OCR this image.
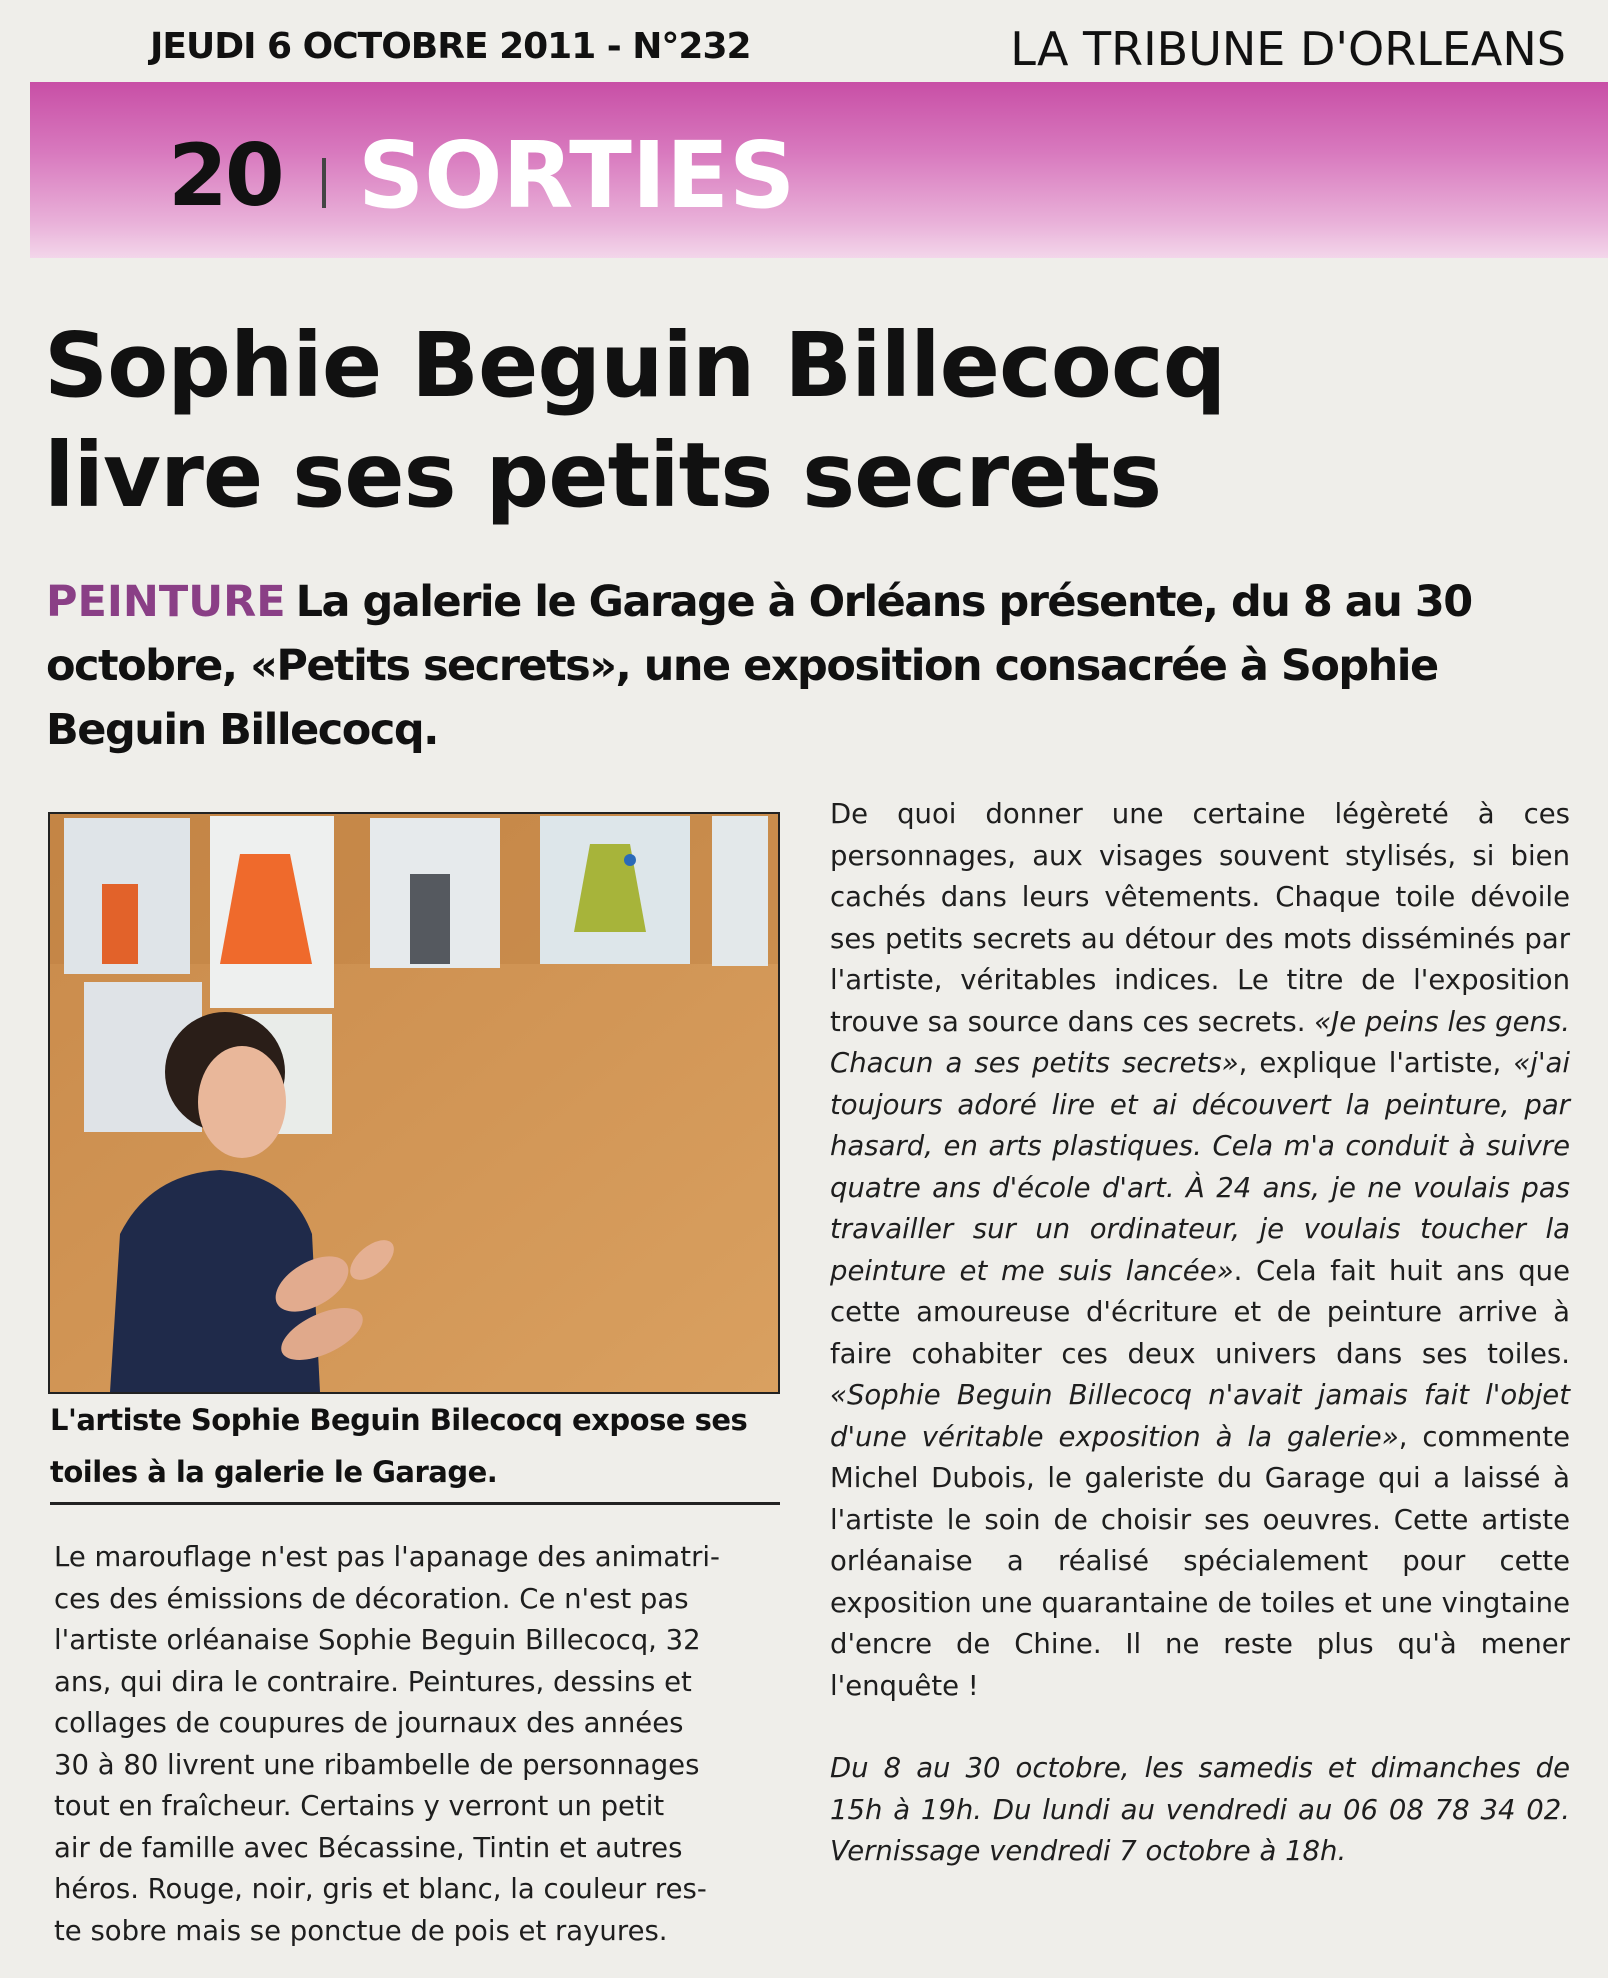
JEUDI 6 OCTOBRE 2011 - N°232	LA TRIBUNE D'ORLEANS
20 SORTIES
Sophie Beguin Billecocq
livre ses petits secrets

PEINTURE La galerie le Garage à Orléans présente, du 8 au 30 octobre, «Petits secrets», une exposition consacrée à Sophie Beguin Billecocq.

L'artiste Sophie Beguin Bilecocq expose ses toiles à la galerie le Garage.

Le marouflage n'est pas l'apanage des animatri-
ces des émissions de décoration. Ce n'est pas
l'artiste orléanaise Sophie Beguin Billecocq, 32
ans, qui dira le contraire. Peintures, dessins et
collages de coupures de journaux des années
30 à 80 livrent une ribambelle de personnages
tout en fraîcheur. Certains y verront un petit
air de famille avec Bécassine, Tintin et autres
héros. Rouge, noir, gris et blanc, la couleur res-
te sobre mais se ponctue de pois et rayures.

De quoi donner une certaine légèreté à ces personnages, aux visages souvent stylisés, si bien cachés dans leurs vêtements. Chaque toile dévoile ses petits secrets au détour des mots disséminés par l'artiste, véritables indices. Le titre de l'exposition trouve sa source dans ces secrets. «Je peins les gens. Chacun a ses petits secrets», explique l'artiste, «j'ai toujours adoré lire et ai découvert la peinture, par hasard, en arts plastiques. Cela m'a conduit à suivre quatre ans d'école d'art. À 24 ans, je ne voulais pas travailler sur un ordinateur, je voulais toucher la peinture et me suis lancée». Cela fait huit ans que cette amoureuse d'écriture et de peinture arrive à faire cohabiter ces deux univers dans ses toiles. «Sophie Beguin Billecocq n'avait jamais fait l'objet d'une véritable exposition à la galerie», commente Michel Dubois, le galeriste du Garage qui a laissé à l'artiste le soin de choisir ses oeuvres. Cette artiste orléanaise a réalisé spécialement pour cette exposition une quarantaine de toiles et une vingtaine d'encre de Chine. Il ne reste plus qu'à mener l'enquête !

Du 8 au 30 octobre, les samedis et dimanches de 15h à 19h. Du lundi au vendredi au 06 08 78 34 02. Vernissage vendredi 7 octobre à 18h.
